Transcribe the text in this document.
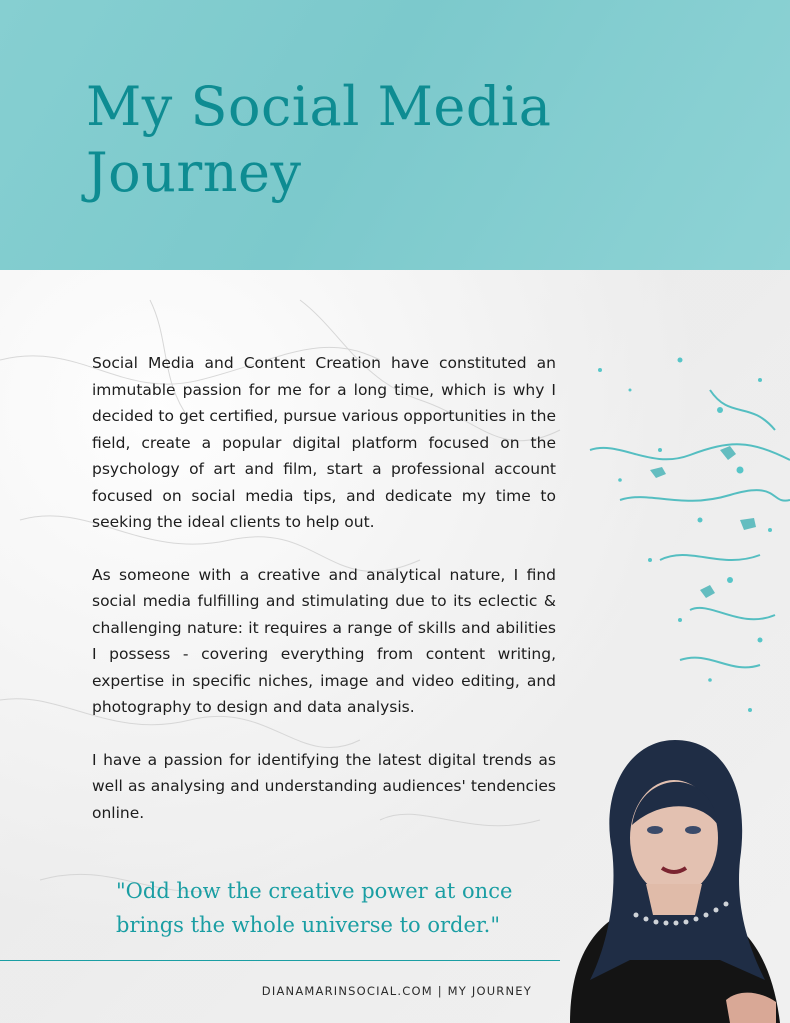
My Social Media Journey

Social Media and Content Creation have constituted an immutable passion for me for a long time, which is why I decided to get certified, pursue various opportunities in the field, create a popular digital platform focused on the psychology of art and film, start a professional account focused on social media tips, and dedicate my time to seeking the ideal clients to help out.

As someone with a creative and analytical nature, I find social media fulfilling and stimulating due to its eclectic & challenging nature: it requires a range of skills and abilities I possess - covering everything from content writing, expertise in specific niches, image and video editing, and photography to design and data analysis.

I have a passion for identifying the latest digital trends as well as analysing and understanding audiences' tendencies online.

"Odd how the creative power at once brings the whole universe to order."
DIANAMARINSOCIAL.COM | MY JOURNEY
